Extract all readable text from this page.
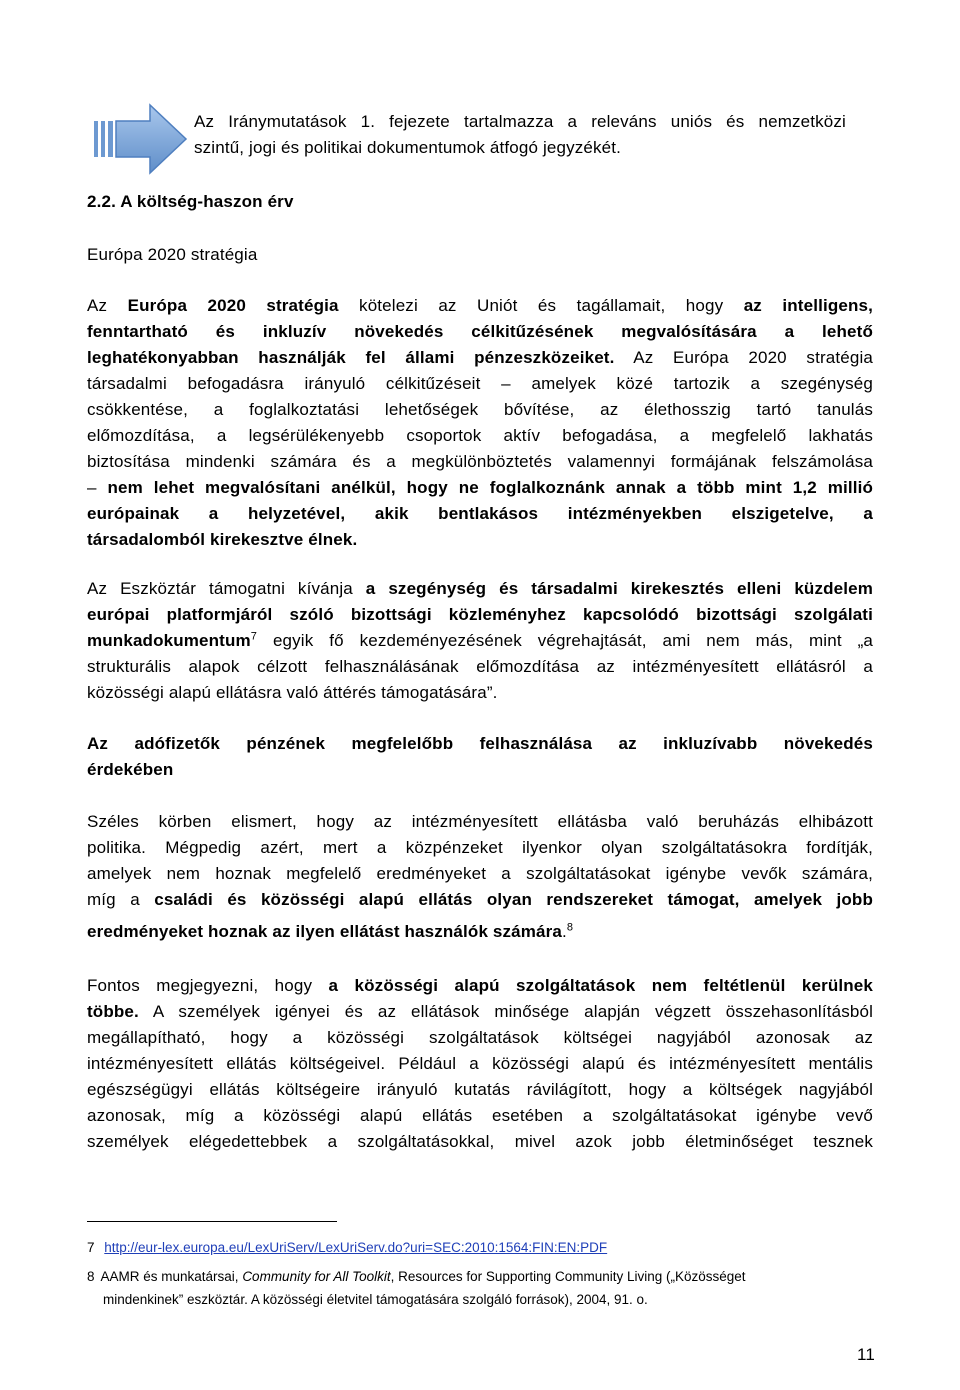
Az Iránymutatások 1. fejezete tartalmazza a releváns uniós és nemzetközi
szintű, jogi és politikai dokumentumok átfogó jegyzékét.
2.2. A költség-haszon érv
Európa 2020 stratégia
Az Európa 2020 stratégia kötelezi az Uniót és tagállamait, hogy az intelligens,
fenntartható és inkluzív növekedés célkitűzésének megvalósítására a lehető
leghatékonyabban használják fel állami pénzeszközeiket. Az Európa 2020 stratégia
társadalmi befogadásra irányuló célkitűzéseit – amelyek közé tartozik a szegénység
csökkentése, a foglalkoztatási lehetőségek bővítése, az élethosszig tartó tanulás
előmozdítása, a legsérülékenyebb csoportok aktív befogadása, a megfelelő lakhatás
biztosítása mindenki számára és a megkülönböztetés valamennyi formájának felszámolása
– nem lehet megvalósítani anélkül, hogy ne foglalkoznánk annak a több mint 1,2 millió
európainak a helyzetével, akik bentlakásos intézményekben elszigetelve, a
társadalomból kirekesztve élnek.
Az Eszköztár támogatni kívánja a szegénység és társadalmi kirekesztés elleni küzdelem
európai platformjáról szóló bizottsági közleményhez kapcsolódó bizottsági szolgálati
munkadokumentum$^7$ egyik fő kezdeményezésének végrehajtását, ami nem más, mint „a
strukturális alapok célzott felhasználásának előmozdítása az intézményesített ellátásról a
közösségi alapú ellátásra való áttérés támogatására”.
Az adófizetők pénzének megfelelőbb felhasználása az inkluzívabb növekedés
érdekében
Széles körben elismert, hogy az intézményesített ellátásba való beruházás elhibázott
politika. Mégpedig azért, mert a közpénzeket ilyenkor olyan szolgáltatásokra fordítják,
amelyek nem hoznak megfelelő eredményeket a szolgáltatásokat igénybe vevők számára,
míg a családi és közösségi alapú ellátás olyan rendszereket támogat, amelyek jobb
eredményeket hoznak az ilyen ellátást használók számára.$^8$
Fontos megjegyezni, hogy a közösségi alapú szolgáltatások nem feltétlenül kerülnek
többe. A személyek igényei és az ellátások minősége alapján végzett összehasonlításból
megállapítható, hogy a közösségi szolgáltatások költségei nagyjából azonosak az
intézményesített ellátás költségeivel. Például a közösségi alapú és intézményesített mentális
egészségügyi ellátás költségeire irányuló kutatás rávilágított, hogy a költségek nagyjából
azonosak, míg a közösségi alapú ellátás esetében a szolgáltatásokat igénybe vevő
személyek elégedettebbek a szolgáltatásokkal, mivel azok jobb életminőséget tesznek
7 http://eur-lex.europa.eu/LexUriServ/LexUriServ.do?uri=SEC:2010:1564:FIN:EN:PDF
8 AAMR és munkatársai, Community for All Toolkit, Resources for Supporting Community Living („Közösséget
mindenkinek” eszköztár. A közösségi életvitel támogatására szolgáló források), 2004, 91. o.
11
